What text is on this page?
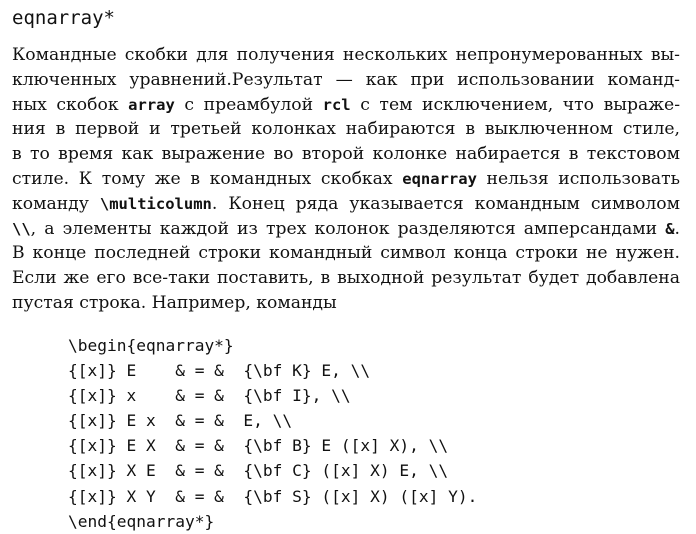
eqnarray*
Командные скобки для получения нескольких непронумерованных вы-
ключенных уравнений.Результат — как при использовании команд-
ных скобок array с преамбулой rcl с тем исключением, что выраже-
ния в первой и третьей колонках набираются в выключенном стиле,
в то время как выражение во второй колонке набирается в текстовом
стиле. К тому же в командных скобках eqnarray нельзя использовать
команду \multicolumn. Конец ряда указывается командным символом
\\, а элементы каждой из трех колонок разделяются амперсандами &.
В конце последней строки командный символ конца строки не нужен.
Если же его все-таки поставить, в выходной результат будет добавлена
пустая строка. Например, команды
\begin{eqnarray*}
{[x]} E    & = &  {\bf K} E, \\
{[x]} x    & = &  {\bf I}, \\
{[x]} E x  & = &  E, \\
{[x]} E X  & = &  {\bf B} E ([x] X), \\
{[x]} X E  & = &  {\bf C} ([x] X) E, \\
{[x]} X Y  & = &  {\bf S} ([x] X) ([x] Y).
\end{eqnarray*}
